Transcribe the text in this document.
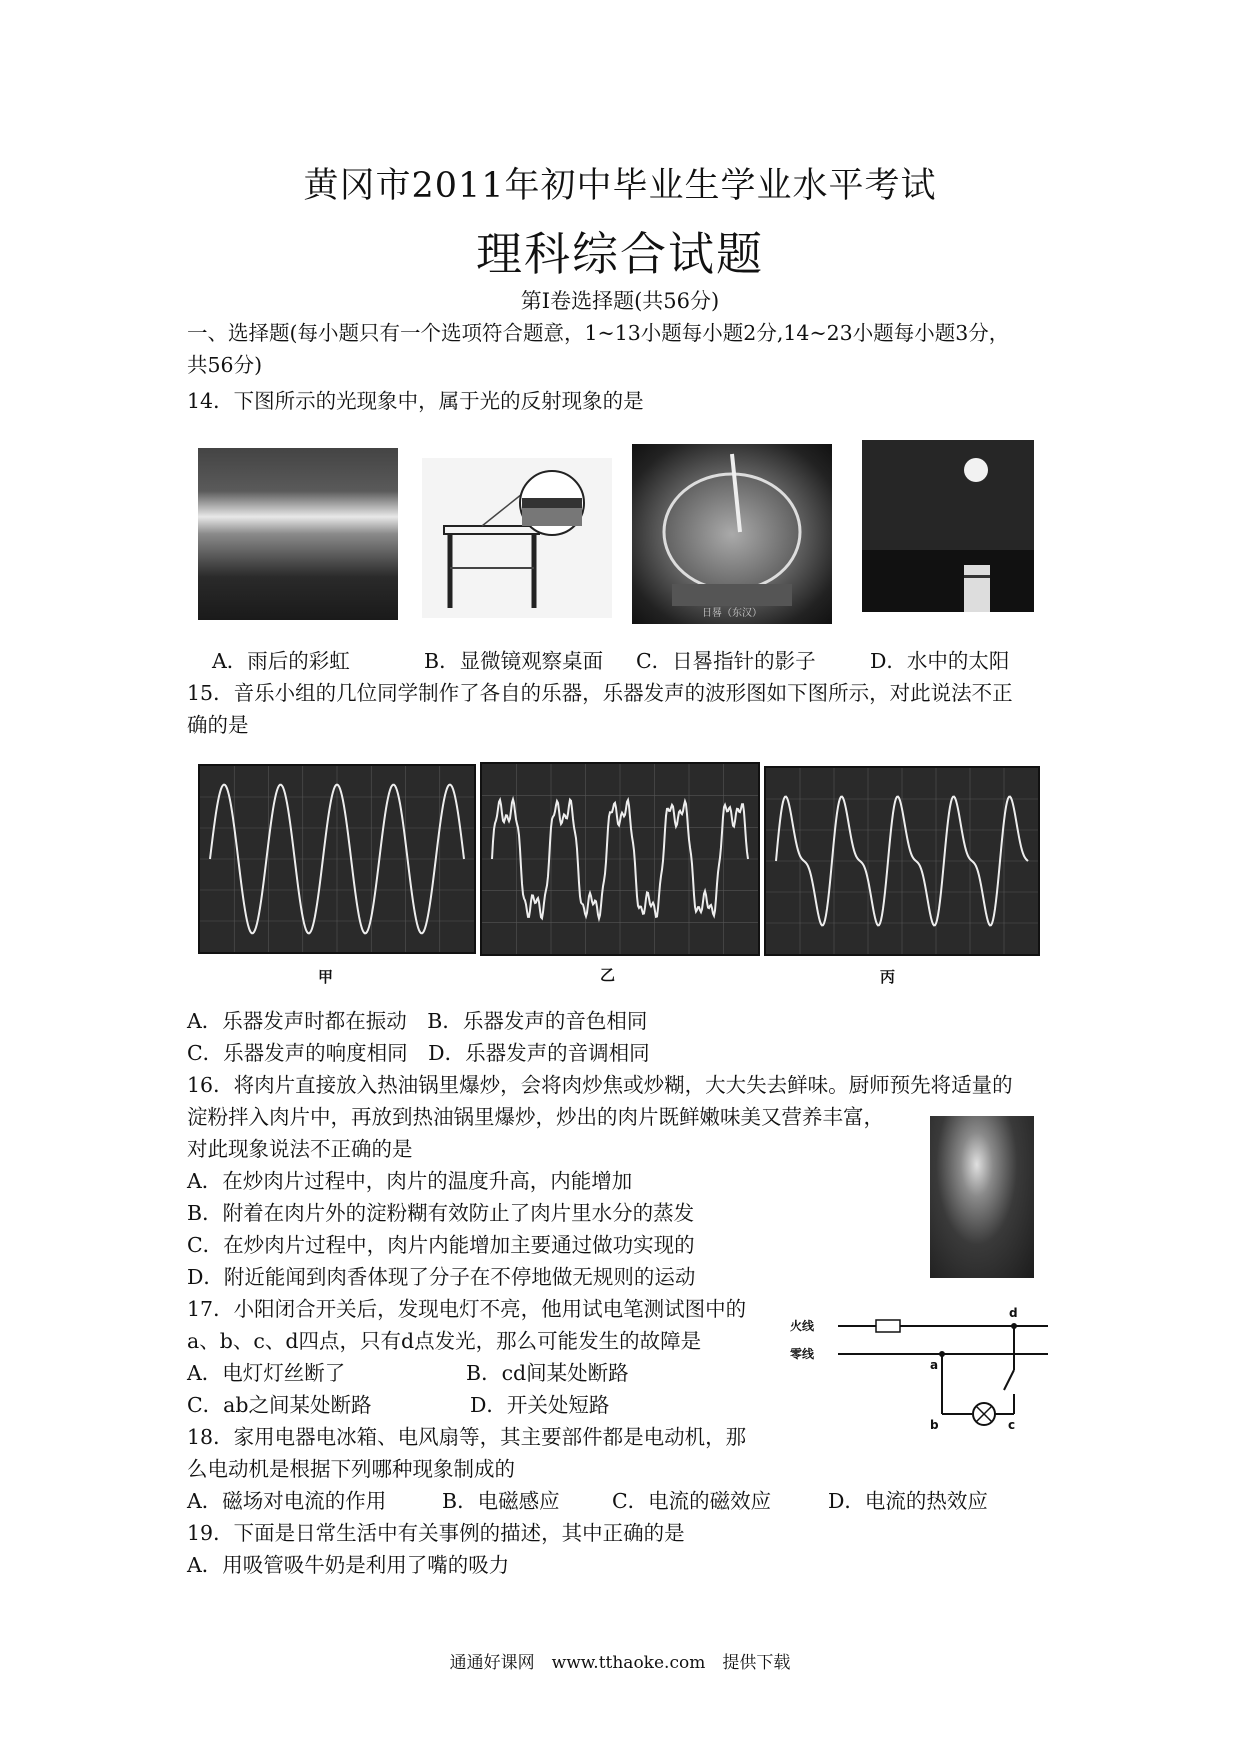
黄冈市2011年初中毕业生学业水平考试
理科综合试题
第Ⅰ卷选择题(共56分)
一、选择题(每小题只有一个选项符合题意，1~13小题每小题2分,14~23小题每小题3分，
共56分)
14．下图所示的光现象中，属于光的反射现象的是
日晷（东汉）
A．雨后的彩虹	B．显微镜观察桌面 C．日晷指针的影子	D．水中的太阳
15．音乐小组的几位同学制作了各自的乐器，乐器发声的波形图如下图所示，对此说法不正
确的是
甲	乙	丙
A．乐器发声时都在振动　B．乐器发声的音色相同
C．乐器发声的响度相同　D．乐器发声的音调相同
16．将肉片直接放入热油锅里爆炒，会将肉炒焦或炒糊，大大失去鲜味。厨师预先将适量的
淀粉拌入肉片中，再放到热油锅里爆炒，炒出的肉片既鲜嫩味美又营养丰富，
对此现象说法不正确的是
A．在炒肉片过程中，肉片的温度升高，内能增加
B．附着在肉片外的淀粉糊有效防止了肉片里水分的蒸发
C．在炒肉片过程中，肉片内能增加主要通过做功实现的
D．附近能闻到肉香体现了分子在不停地做无规则的运动
17．小阳闭合开关后，发现电灯不亮，他用试电笔测试图中的
a、b、c、d四点，只有d点发光，那么可能发生的故障是
A．电灯灯丝断了	B．cd间某处断路
C．ab之间某处断路	D．开关处短路
火线
零线
a
b	c
d
18．家用电器电冰箱、电风扇等，其主要部件都是电动机，那
么电动机是根据下列哪种现象制成的
A．磁场对电流的作用	B．电磁感应	C．电流的磁效应	D．电流的热效应
19．下面是日常生活中有关事例的描述，其中正确的是
A．用吸管吸牛奶是利用了嘴的吸力
通通好课网　www.tthaoke.com　提供下载
